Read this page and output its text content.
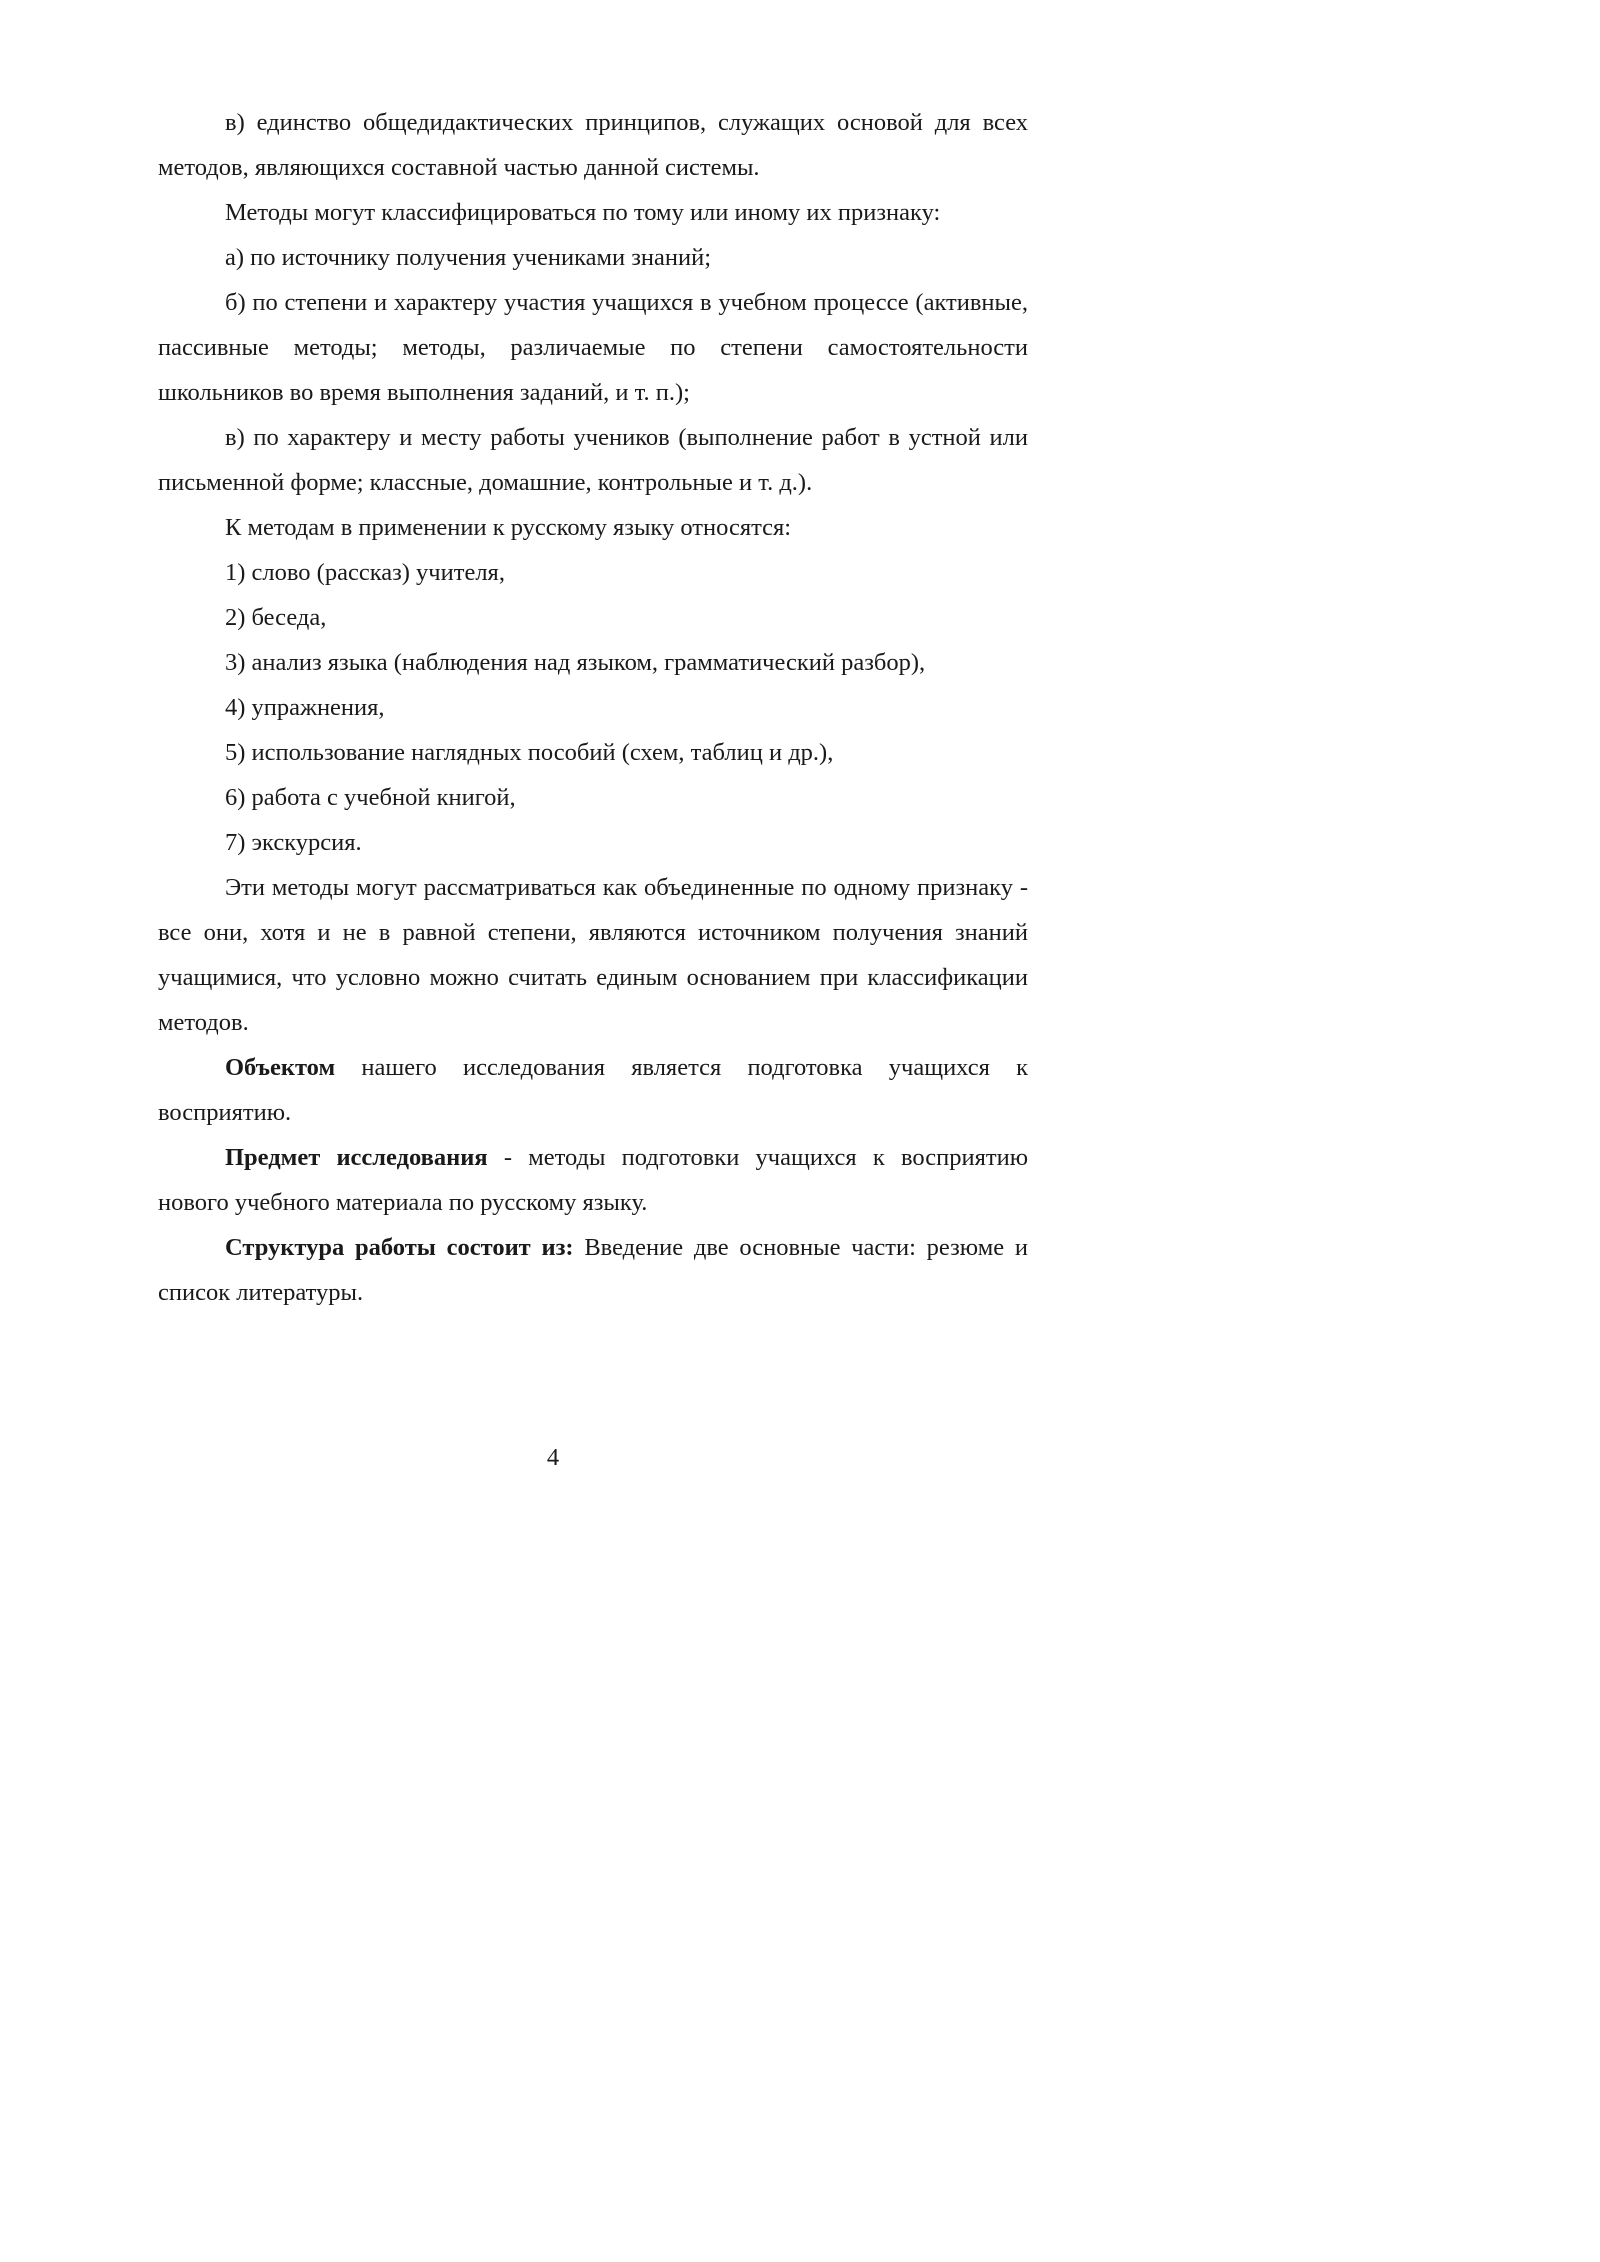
в) единство общедидактических принципов, служащих основой для всех методов, являющихся составной частью данной системы.

Методы могут классифицироваться по тому или иному их признаку:

а) по источнику получения учениками знаний;

б) по степени и характеру участия учащихся в учебном процессе (активные, пассивные методы; методы, различаемые по степени самостоятельности школьников во время выполнения заданий, и т. п.);

в) по характеру и месту работы учеников (выполнение работ в устной или письменной форме; классные, домашние, контрольные и т. д.).

К методам в применении к русскому языку относятся:

1) слово (рассказ) учителя,

2) беседа,

3) анализ языка (наблюдения над языком, грамматический разбор),

4) упражнения,

5) использование наглядных пособий (схем, таблиц и др.),

6) работа с учебной книгой,

7) экскурсия.

Эти методы могут рассматриваться как объединенные по одному признаку - все они, хотя и не в равной степени, являются источником получения знаний учащимися, что условно можно считать единым основанием при классификации методов.

Объектом нашего исследования является подготовка учащихся к восприятию.

Предмет исследования - методы подготовки учащихся к восприятию нового учебного материала по русскому языку.

Структура работы состоит из: Введение две основные части: резюме и список литературы.

4
